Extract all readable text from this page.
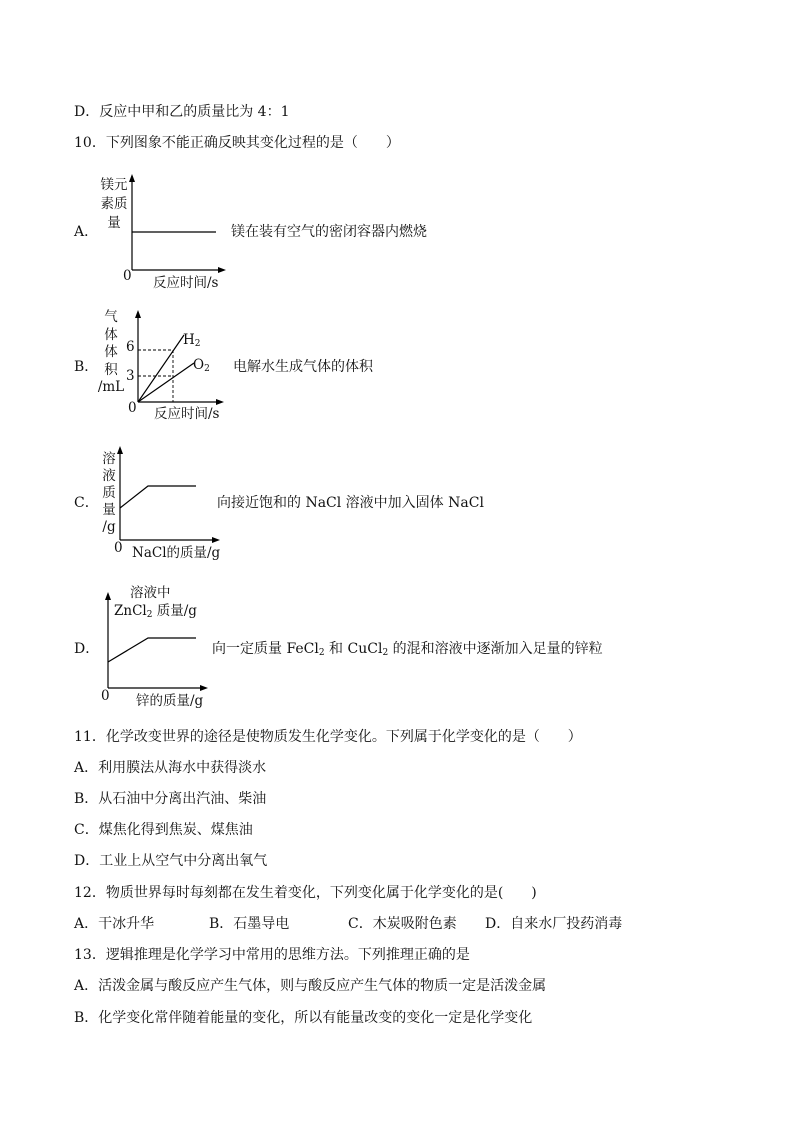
D．反应中甲和乙的质量比为 4：1
10．下列图象不能正确反映其变化过程的是（　　）
A．
镁元
素质
量
0 反应时间/s
镁在装有空气的密闭容器内燃烧
B．
气
体
体
积
/mL
6
3
$H_2$
$O_2$
0 反应时间/s
电解水生成气体的体积
C．
溶
液
质
量
/g
0 NaCl的质量/g
向接近饱和的 NaCl 溶液中加入固体 NaCl
D．
溶液中
ZnCl$_2$ 质量/g
0 锌的质量/g
向一定质量 FeCl$_2$ 和 CuCl$_2$ 的混和溶液中逐渐加入足量的锌粒
11．化学改变世界的途径是使物质发生化学变化。下列属于化学变化的是（　　）
A．利用膜法从海水中获得淡水
B．从石油中分离出汽油、柴油
C．煤焦化得到焦炭、煤焦油
D．工业上从空气中分离出氧气
12．物质世界每时每刻都在发生着变化，下列变化属于化学变化的是(　　)
A．干冰升华	B．石墨导电	C．木炭吸附色素 D．自来水厂投药消毒
13．逻辑推理是化学学习中常用的思维方法。下列推理正确的是
A．活泼金属与酸反应产生气体，则与酸反应产生气体的物质一定是活泼金属
B．化学变化常伴随着能量的变化，所以有能量改变的变化一定是化学变化
